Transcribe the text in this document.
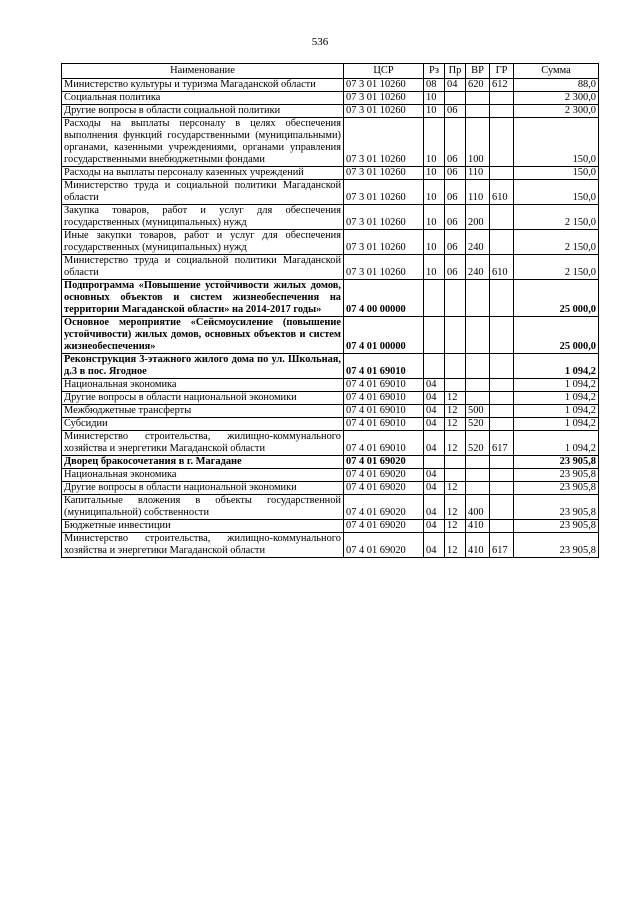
536
Наименование	ЦСР	Рз	Пр	ВР	ГР	Сумма
Министерство культуры и туризма Магаданской области	07 3 01 10260	08	04	620	612	88,0
Социальная политика	07 3 01 10260	10				2 300,0
Другие вопросы в области социальной политики	07 3 01 10260	10	06			2 300,0
Расходы на выплаты персоналу в целях обеспечения выполнения функций государственными (муниципальными) органами, казенными учреждениями, органами управления государственными внебюджетными фондами	07 3 01 10260	10	06	100		150,0
Расходы на выплаты персоналу казенных учреждений	07 3 01 10260	10	06	110		150,0
Министерство труда и социальной политики Магаданской области	07 3 01 10260	10	06	110	610	150,0
Закупка товаров, работ и услуг для обеспечения государственных (муниципальных) нужд	07 3 01 10260	10	06	200		2 150,0
Иные закупки товаров, работ и услуг для обеспечения государственных (муниципальных) нужд	07 3 01 10260	10	06	240		2 150,0
Министерство труда и социальной политики Магаданской области	07 3 01 10260	10	06	240	610	2 150,0
Подпрограмма «Повышение устойчивости жилых домов, основных объектов и систем жизнеобеспечения на территории Магаданской области» на 2014-2017 годы»	07 4 00 00000					25 000,0
Основное мероприятие «Сейсмоусиление (повышение устойчивости) жилых домов, основных объектов и систем жизнеобеспечения»	07 4 01 00000					25 000,0
Реконструкция 3-этажного жилого дома по ул. Школьная, д.3 в пос. Ягодное	07 4 01 69010					1 094,2
Национальная экономика	07 4 01 69010	04				1 094,2
Другие вопросы в области национальной экономики	07 4 01 69010	04	12			1 094,2
Межбюджетные трансферты	07 4 01 69010	04	12	500		1 094,2
Субсидии	07 4 01 69010	04	12	520		1 094,2
Министерство строительства, жилищно-коммунального хозяйства и энергетики Магаданской области	07 4 01 69010	04	12	520	617	1 094,2
Дворец бракосочетания в г. Магадане	07 4 01 69020					23 905,8
Национальная экономика	07 4 01 69020	04				23 905,8
Другие вопросы в области национальной экономики	07 4 01 69020	04	12			23 905,8
Капитальные вложения в объекты государственной (муниципальной) собственности	07 4 01 69020	04	12	400		23 905,8
Бюджетные инвестиции	07 4 01 69020	04	12	410		23 905,8
Министерство строительства, жилищно-коммунального хозяйства и энергетики Магаданской области	07 4 01 69020	04	12	410	617	23 905,8
